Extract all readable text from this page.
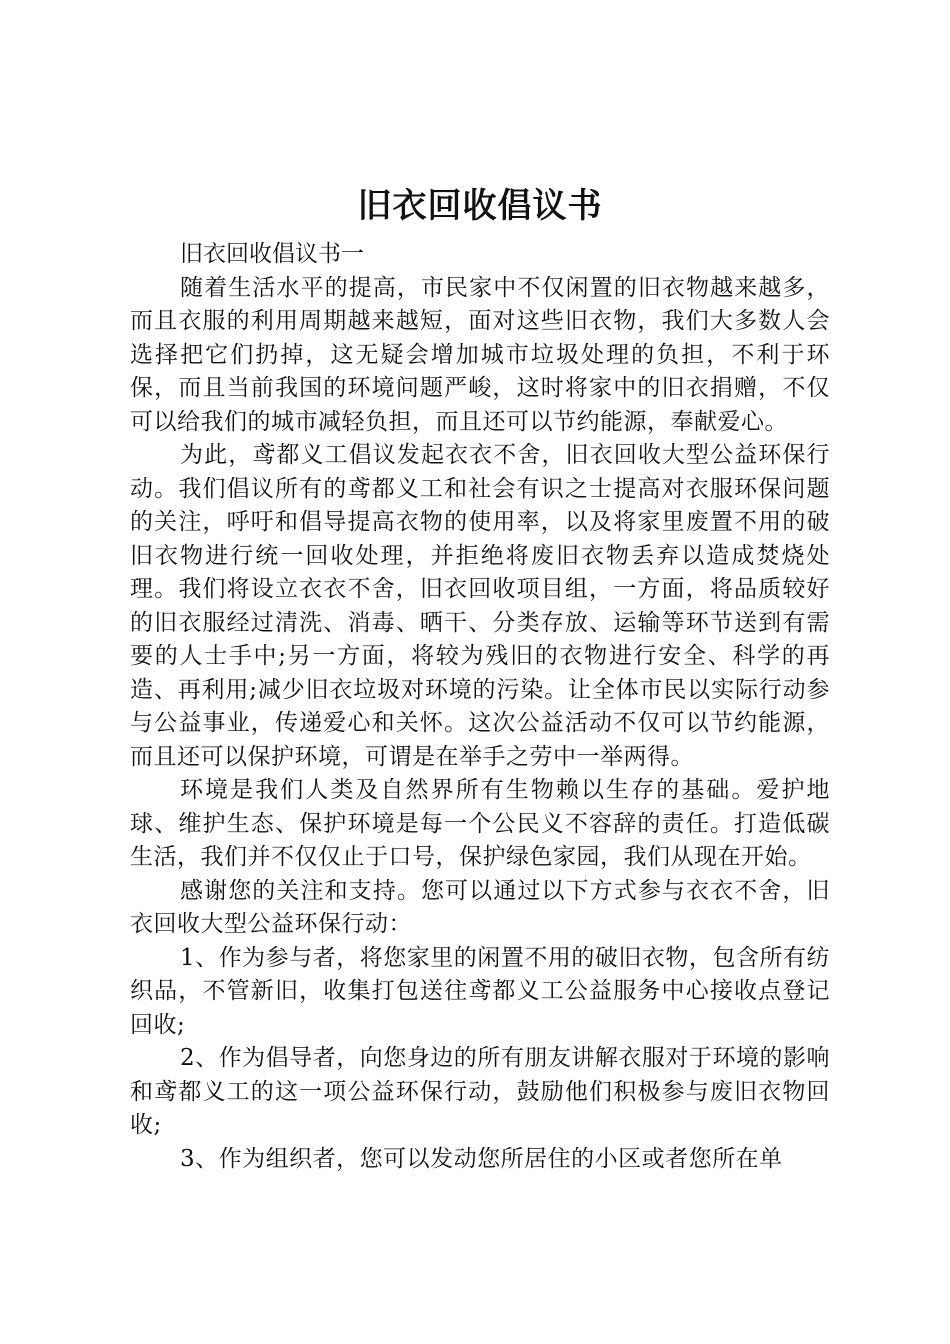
旧衣回收倡议书

旧衣回收倡议书一

随着生活水平的提高，市民家中不仅闲置的旧衣物越来越多，而且衣服的利用周期越来越短，面对这些旧衣物，我们大多数人会选择把它们扔掉，这无疑会增加城市垃圾处理的负担，不利于环保，而且当前我国的环境问题严峻，这时将家中的旧衣捐赠，不仅可以给我们的城市减轻负担，而且还可以节约能源，奉献爱心。

为此，鸢都义工倡议发起衣衣不舍，旧衣回收大型公益环保行动。我们倡议所有的鸢都义工和社会有识之士提高对衣服环保问题的关注，呼吁和倡导提高衣物的使用率，以及将家里废置不用的破旧衣物进行统一回收处理，并拒绝将废旧衣物丢弃以造成焚烧处理。我们将设立衣衣不舍，旧衣回收项目组，一方面，将品质较好的旧衣服经过清洗、消毒、晒干、分类存放、运输等环节送到有需要的人士手中;另一方面，将较为残旧的衣物进行安全、科学的再造、再利用;减少旧衣垃圾对环境的污染。让全体市民以实际行动参与公益事业，传递爱心和关怀。这次公益活动不仅可以节约能源，而且还可以保护环境，可谓是在举手之劳中一举两得。

环境是我们人类及自然界所有生物赖以生存的基础。爱护地球、维护生态、保护环境是每一个公民义不容辞的责任。打造低碳生活，我们并不仅仅止于口号，保护绿色家园，我们从现在开始。

感谢您的关注和支持。您可以通过以下方式参与衣衣不舍，旧衣回收大型公益环保行动：

1、作为参与者，将您家里的闲置不用的破旧衣物，包含所有纺织品，不管新旧，收集打包送往鸢都义工公益服务中心接收点登记回收;

2、作为倡导者，向您身边的所有朋友讲解衣服对于环境的影响和鸢都义工的这一项公益环保行动，鼓励他们积极参与废旧衣物回收;

3、作为组织者，您可以发动您所居住的小区或者您所在单
